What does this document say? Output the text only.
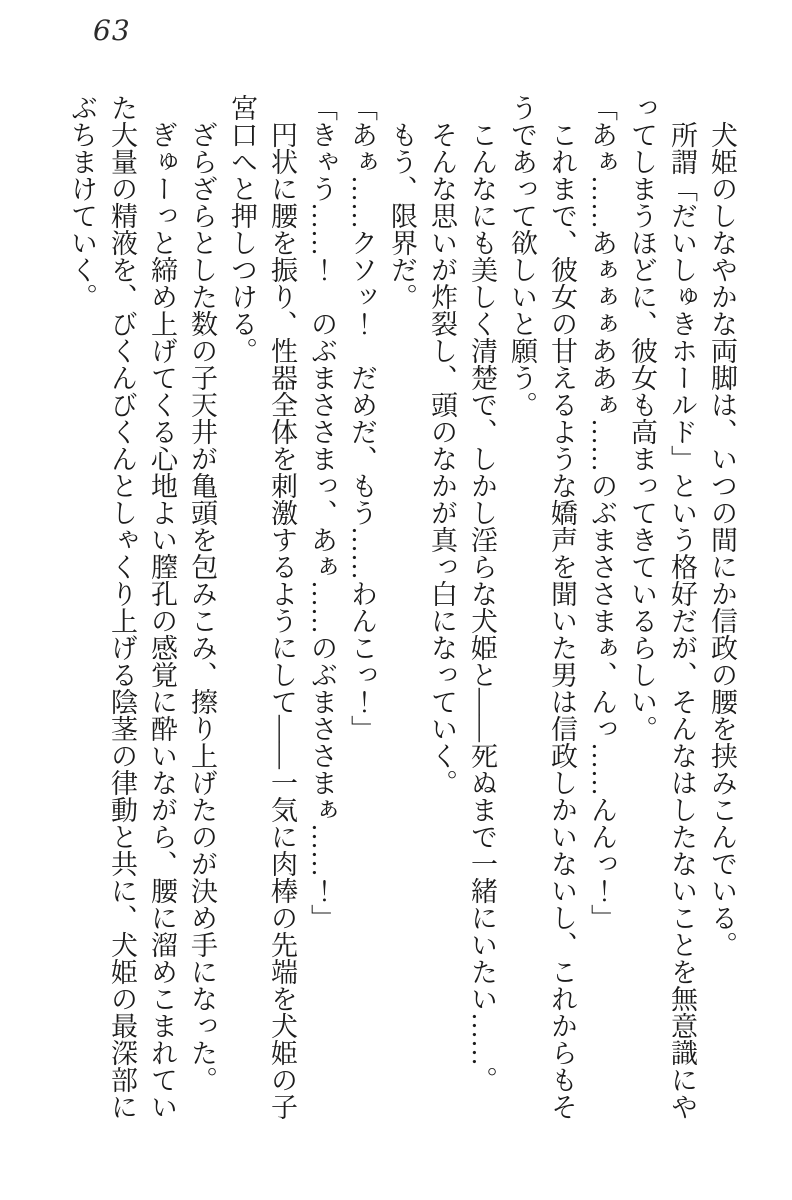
63

犬姫のしなやかな両脚は、いつの間にか信政の腰を挟みこんでいる。

所謂「だいしゅきホールド」という格好だが、そんなはしたないことを無意識にやってしまうほどに、彼女も高まってきているらしい。

「あぁ……あぁぁぁああぁ……のぶまささまぁ、んっ……んんっ！」

これまで、彼女の甘えるような嬌声を聞いた男は信政しかいないし、これからもそうであって欲しいと願う。

こんなにも美しく清楚で、しかし淫らな犬姫と――死ぬまで一緒にいたい……。

そんな思いが炸裂し、頭のなかが真っ白になっていく。

もう、限界だ。

「あぁ……クソッ！　だめだ、もう……わんこっ！」

「きゃう……！　のぶまささまっ、あぁ……のぶまささまぁ……！」

円状に腰を振り、性器全体を刺激するようにして――一気に肉棒の先端を犬姫の子宮口へと押しつける。

ざらざらとした数の子天井が亀頭を包みこみ、擦り上げたのが決め手になった。

ぎゅーっと締め上げてくる心地よい膣孔の感覚に酔いながら、腰に溜めこまれていた大量の精液を、びくんびくんとしゃくり上げる陰茎の律動と共に、犬姫の最深部にぶちまけていく。
